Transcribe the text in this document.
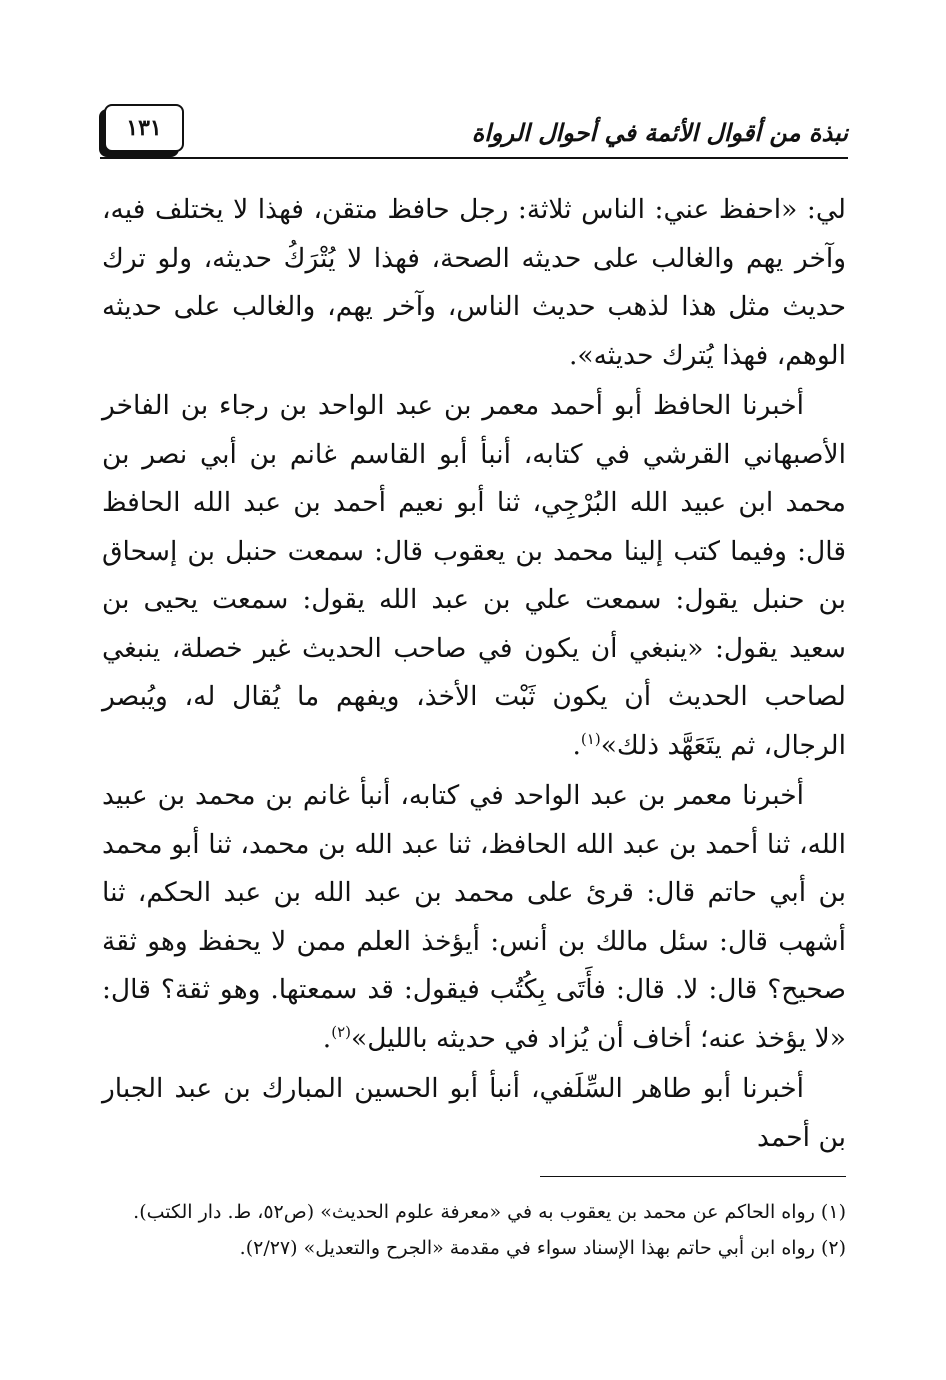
نبذة من أقوال الأئمة في أحوال الرواة
١٣١

لي: «احفظ عني: الناس ثلاثة: رجل حافظ متقن، فهذا لا يختلف فيه، وآخر يهم والغالب على حديثه الصحة، فهذا لا يُتْرَكُ حديثه، ولو ترك حديث مثل هذا لذهب حديث الناس، وآخر يهم، والغالب على حديثه الوهم، فهذا يُترك حديثه».

أخبرنا الحافظ أبو أحمد معمر بن عبد الواحد بن رجاء بن الفاخر الأصبهاني القرشي في كتابه، أنبأ أبو القاسم غانم بن أبي نصر بن محمد ابن عبيد الله البُرْجِي، ثنا أبو نعيم أحمد بن عبد الله الحافظ قال: وفيما كتب إلينا محمد بن يعقوب قال: سمعت حنبل بن إسحاق بن حنبل يقول: سمعت علي بن عبد الله يقول: سمعت يحيى بن سعيد يقول: «ينبغي أن يكون في صاحب الحديث غير خصلة، ينبغي لصاحب الحديث أن يكون ثَبْت الأخذ، ويفهم ما يُقال له، ويُبصر الرجال، ثم يتَعَهَّد ذلك»$^{(١)}$.

أخبرنا معمر بن عبد الواحد في كتابه، أنبأ غانم بن محمد بن عبيد الله، ثنا أحمد بن عبد الله الحافظ، ثنا عبد الله بن محمد، ثنا أبو محمد بن أبي حاتم قال: قرئ على محمد بن عبد الله بن عبد الحكم، ثنا أشهب قال: سئل مالك بن أنس: أيؤخذ العلم ممن لا يحفظ وهو ثقة صحيح؟ قال: لا. قال: فأَتَى بِكُتُب فيقول: قد سمعتها. وهو ثقة؟ قال: «لا يؤخذ عنه؛ أخاف أن يُزاد في حديثه بالليل»$^{(٢)}$.

أخبرنا أبو طاهر السِّلَفي، أنبأ أبو الحسين المبارك بن عبد الجبار بن أحمد

(١) رواه الحاكم عن محمد بن يعقوب به في «معرفة علوم الحديث» (ص٥٢، ط. دار الكتب).
(٢) رواه ابن أبي حاتم بهذا الإسناد سواء في مقدمة «الجرح والتعديل» (٢/٢٧).
